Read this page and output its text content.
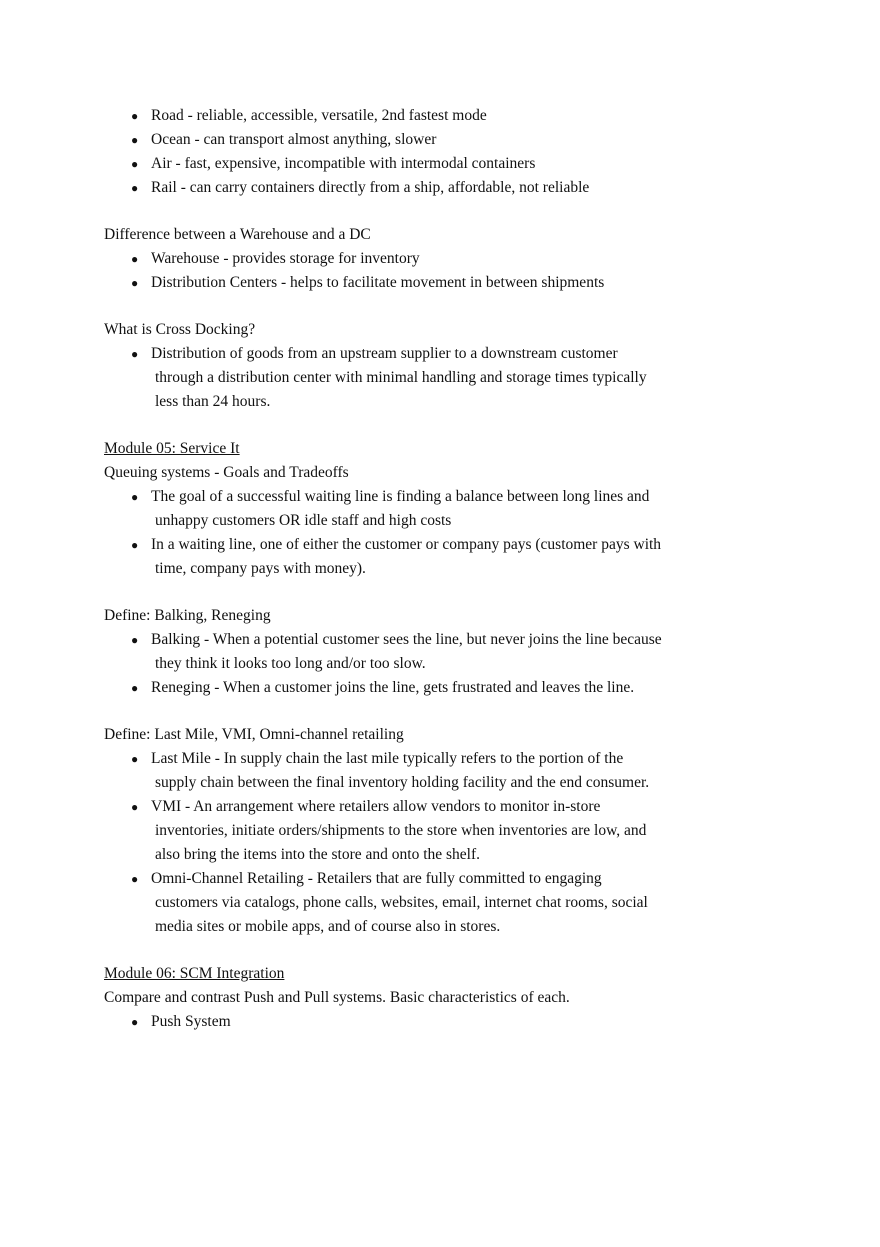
● Road - reliable, accessible, versatile, 2nd fastest mode
● Ocean - can transport almost anything, slower
● Air - fast, expensive, incompatible with intermodal containers
● Rail - can carry containers directly from a ship, affordable, not reliable
Difference between a Warehouse and a DC
● Warehouse - provides storage for inventory
● Distribution Centers - helps to facilitate movement in between shipments
What is Cross Docking?
● Distribution of goods from an upstream supplier to a downstream customer
through a distribution center with minimal handling and storage times typically
less than 24 hours.
Module 05: Service It
Queuing systems - Goals and Tradeoffs
● The goal of a successful waiting line is finding a balance between long lines and
unhappy customers OR idle staff and high costs
● In a waiting line, one of either the customer or company pays (customer pays with
time, company pays with money).
Define: Balking, Reneging
● Balking - When a potential customer sees the line, but never joins the line because
they think it looks too long and/or too slow.
● Reneging - When a customer joins the line, gets frustrated and leaves the line.
Define: Last Mile, VMI, Omni-channel retailing
● Last Mile - In supply chain the last mile typically refers to the portion of the
supply chain between the final inventory holding facility and the end consumer.
● VMI - An arrangement where retailers allow vendors to monitor in-store
inventories, initiate orders/shipments to the store when inventories are low, and
also bring the items into the store and onto the shelf.
● Omni-Channel Retailing - Retailers that are fully committed to engaging
customers via catalogs, phone calls, websites, email, internet chat rooms, social
media sites or mobile apps, and of course also in stores.
Module 06: SCM Integration
Compare and contrast Push and Pull systems. Basic characteristics of each.
● Push System
